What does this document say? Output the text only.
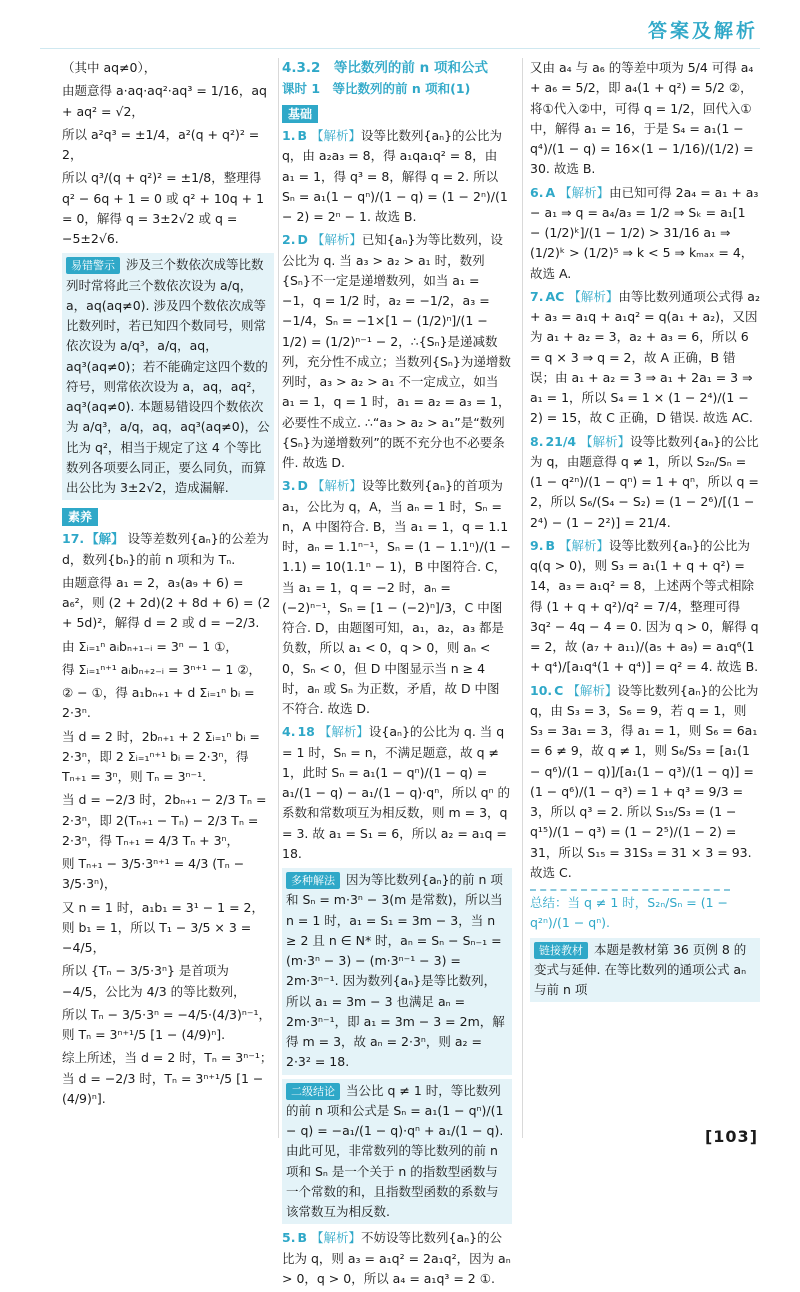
答案及解析
（其中 aq≠0），
由题意得 a·aq·aq²·aq³ = 1/16，aq + aq² = √2，
所以 a²q³ = ±1/4，a²(q + q²)² = 2，
所以 q³/(q + q²)² = ±1/8，整理得 q² − 6q + 1 = 0 或 q² + 10q + 1 = 0，解得 q = 3±2√2 或 q = −5±2√6.
易错警示 涉及三个数依次成等比数列时常将此三个数依次设为 a/q，a，aq(aq≠0). 涉及四个数依次成等比数列时，若已知四个数同号，则常依次设为 a/q³，a/q，aq，aq³(aq≠0)；若不能确定这四个数的符号，则常依次设为 a，aq，aq²，aq³(aq≠0). 本题易错设四个数依次为 a/q³，a/q，aq，aq³(aq≠0)，公比为 q²，相当于规定了这 4 个等比数列各项要么同正，要么同负，而算出公比为 3±2√2，造成漏解.
素养
17. 【解】 设等差数列{aₙ}的公差为 d，数列{bₙ}的前 n 项和为 Tₙ.
由题意得 a₁ = 2，a₃(a₉ + 6) = a₆²，则 (2 + 2d)(2 + 8d + 6) = (2 + 5d)²，解得 d = 2 或 d = −2/3.
由 Σᵢ₌₁ⁿ aᵢbₙ₊₁₋ᵢ = 3ⁿ − 1 ①，
得 Σᵢ₌₁ⁿ⁺¹ aᵢbₙ₊₂₋ᵢ = 3ⁿ⁺¹ − 1 ②，
② − ①，得 a₁bₙ₊₁ + d Σᵢ₌₁ⁿ bᵢ = 2·3ⁿ.
当 d = 2 时，2bₙ₊₁ + 2 Σᵢ₌₁ⁿ bᵢ = 2·3ⁿ，即 2 Σᵢ₌₁ⁿ⁺¹ bᵢ = 2·3ⁿ，得 Tₙ₊₁ = 3ⁿ，则 Tₙ = 3ⁿ⁻¹.
当 d = −2/3 时，2bₙ₊₁ − 2/3 Tₙ = 2·3ⁿ，即 2(Tₙ₊₁ − Tₙ) − 2/3 Tₙ = 2·3ⁿ，得 Tₙ₊₁ = 4/3 Tₙ + 3ⁿ，
则 Tₙ₊₁ − 3/5·3ⁿ⁺¹ = 4/3 (Tₙ − 3/5·3ⁿ)，
又 n = 1 时，a₁b₁ = 3¹ − 1 = 2，则 b₁ = 1，所以 T₁ − 3/5 × 3 = −4/5，
所以 {Tₙ − 3/5·3ⁿ} 是首项为 −4/5，公比为 4/3 的等比数列，
所以 Tₙ − 3/5·3ⁿ = −4/5·(4/3)ⁿ⁻¹，则 Tₙ = 3ⁿ⁺¹/5 [1 − (4/9)ⁿ].
综上所述，当 d = 2 时，Tₙ = 3ⁿ⁻¹；当 d = −2/3 时，Tₙ = 3ⁿ⁺¹/5 [1 − (4/9)ⁿ].
4.3.2　等比数列的前 n 项和公式
课时 1　等比数列的前 n 项和(1)
基础
1. B 【解析】设等比数列{aₙ}的公比为 q，由 a₂a₃ = 8，得 a₁qa₁q² = 8，由 a₁ = 1，得 q³ = 8，解得 q = 2. 所以 Sₙ = a₁(1 − qⁿ)/(1 − q) = (1 − 2ⁿ)/(1 − 2) = 2ⁿ − 1. 故选 B.
2. D 【解析】已知{aₙ}为等比数列，设公比为 q. 当 a₃ > a₂ > a₁ 时，数列{Sₙ}不一定是递增数列，如当 a₁ = −1，q = 1/2 时，a₂ = −1/2，a₃ = −1/4，Sₙ = −1×[1 − (1/2)ⁿ]/(1 − 1/2) = (1/2)ⁿ⁻¹ − 2，∴{Sₙ}是递减数列，充分性不成立；当数列{Sₙ}为递增数列时，a₃ > a₂ > a₁ 不一定成立，如当 a₁ = 1，q = 1 时，a₁ = a₂ = a₃ = 1，必要性不成立. ∴“a₃ > a₂ > a₁”是“数列{Sₙ}为递增数列”的既不充分也不必要条件. 故选 D.
3. D 【解析】设等比数列{aₙ}的首项为 a₁，公比为 q，A，当 aₙ = 1 时，Sₙ = n，A 中图符合. B，当 a₁ = 1，q = 1.1 时，aₙ = 1.1ⁿ⁻¹，Sₙ = (1 − 1.1ⁿ)/(1 − 1.1) = 10(1.1ⁿ − 1)，B 中图符合. C，当 a₁ = 1，q = −2 时，aₙ = (−2)ⁿ⁻¹，Sₙ = [1 − (−2)ⁿ]/3，C 中图符合. D，由题图可知，a₁，a₂，a₃ 都是负数，所以 a₁ < 0，q > 0，则 aₙ < 0，Sₙ < 0，但 D 中图显示当 n ≥ 4 时，aₙ 或 Sₙ 为正数，矛盾，故 D 中图不符合. 故选 D.
4. 18 【解析】设{aₙ}的公比为 q. 当 q = 1 时，Sₙ = n，不满足题意，故 q ≠ 1，此时 Sₙ = a₁(1 − qⁿ)/(1 − q) = a₁/(1 − q) − a₁/(1 − q)·qⁿ，所以 qⁿ 的系数和常数项互为相反数，则 m = 3，q = 3. 故 a₁ = S₁ = 6，所以 a₂ = a₁q = 18.
多种解法 因为等比数列{aₙ}的前 n 项和 Sₙ = m·3ⁿ − 3(m 是常数)，所以当 n = 1 时，a₁ = S₁ = 3m − 3，当 n ≥ 2 且 n ∈ N* 时，aₙ = Sₙ − Sₙ₋₁ = (m·3ⁿ − 3) − (m·3ⁿ⁻¹ − 3) = 2m·3ⁿ⁻¹. 因为数列{aₙ}是等比数列，所以 a₁ = 3m − 3 也满足 aₙ = 2m·3ⁿ⁻¹，即 a₁ = 3m − 3 = 2m，解得 m = 3，故 aₙ = 2·3ⁿ，则 a₂ = 2·3² = 18.
二级结论 当公比 q ≠ 1 时，等比数列的前 n 项和公式是 Sₙ = a₁(1 − qⁿ)/(1 − q) = −a₁/(1 − q)·qⁿ + a₁/(1 − q). 由此可见，非常数列的等比数列的前 n 项和 Sₙ 是一个关于 n 的指数型函数与一个常数的和，且指数型函数的系数与该常数互为相反数.
5. B 【解析】不妨设等比数列{aₙ}的公比为 q，则 a₃ = a₁q² = 2a₁q²，因为 aₙ > 0，q > 0，所以 a₄ = a₁q³ = 2 ①.
又由 a₄ 与 a₆ 的等差中项为 5/4 可得 a₄ + a₆ = 5/2，即 a₄(1 + q²) = 5/2 ②，将①代入②中，可得 q = 1/2，回代入①中，解得 a₁ = 16，于是 S₄ = a₁(1 − q⁴)/(1 − q) = 16×(1 − 1/16)/(1/2) = 30. 故选 B.
6. A 【解析】由已知可得 2a₄ = a₁ + a₃ − a₁ ⇒ q = a₄/a₃ = 1/2 ⇒ Sₖ = a₁[1 − (1/2)ᵏ]/(1 − 1/2) > 31/16 a₁ ⇒ (1/2)ᵏ > (1/2)⁵ ⇒ k < 5 ⇒ kₘₐₓ = 4，故选 A.
7. AC 【解析】由等比数列通项公式得 a₂ + a₃ = a₁q + a₁q² = q(a₁ + a₂)，又因为 a₁ + a₂ = 3，a₂ + a₃ = 6，所以 6 = q × 3 ⇒ q = 2，故 A 正确，B 错误；由 a₁ + a₂ = 3 ⇒ a₁ + 2a₁ = 3 ⇒ a₁ = 1，所以 S₄ = 1 × (1 − 2⁴)/(1 − 2) = 15，故 C 正确，D 错误. 故选 AC.
8. 21/4 【解析】设等比数列{aₙ}的公比为 q，由题意得 q ≠ 1，所以 S₂ₙ/Sₙ = (1 − q²ⁿ)/(1 − qⁿ) = 1 + qⁿ，所以 q = 2，所以 S₆/(S₄ − S₂) = (1 − 2⁶)/[(1 − 2⁴) − (1 − 2²)] = 21/4.
9. B 【解析】设等比数列{aₙ}的公比为 q(q > 0)，则 S₃ = a₁(1 + q + q²) = 14，a₃ = a₁q² = 8，上述两个等式相除得 (1 + q + q²)/q² = 7/4，整理可得 3q² − 4q − 4 = 0. 因为 q > 0，解得 q = 2，故 (a₇ + a₁₁)/(a₅ + a₉) = a₁q⁶(1 + q⁴)/[a₁q⁴(1 + q⁴)] = q² = 4. 故选 B.
10. C 【解析】设等比数列{aₙ}的公比为 q，由 S₃ = 3，S₆ = 9，若 q = 1，则 S₃ = 3a₁ = 3，得 a₁ = 1，则 S₆ = 6a₁ = 6 ≠ 9，故 q ≠ 1，则 S₆/S₃ = [a₁(1 − q⁶)/(1 − q)]/[a₁(1 − q³)/(1 − q)] = (1 − q⁶)/(1 − q³) = 1 + q³ = 9/3 = 3，所以 q³ = 2. 所以 S₁₅/S₃ = (1 − q¹⁵)/(1 − q³) = (1 − 2⁵)/(1 − 2) = 31，所以 S₁₅ = 31S₃ = 31 × 3 = 93. 故选 C.
总结：当 q ≠ 1 时，S₂ₙ/Sₙ = (1 − q²ⁿ)/(1 − qⁿ).
链接教材 本题是教材第 36 页例 8 的变式与延伸. 在等比数列的通项公式 aₙ 与前 n 项
[103]
